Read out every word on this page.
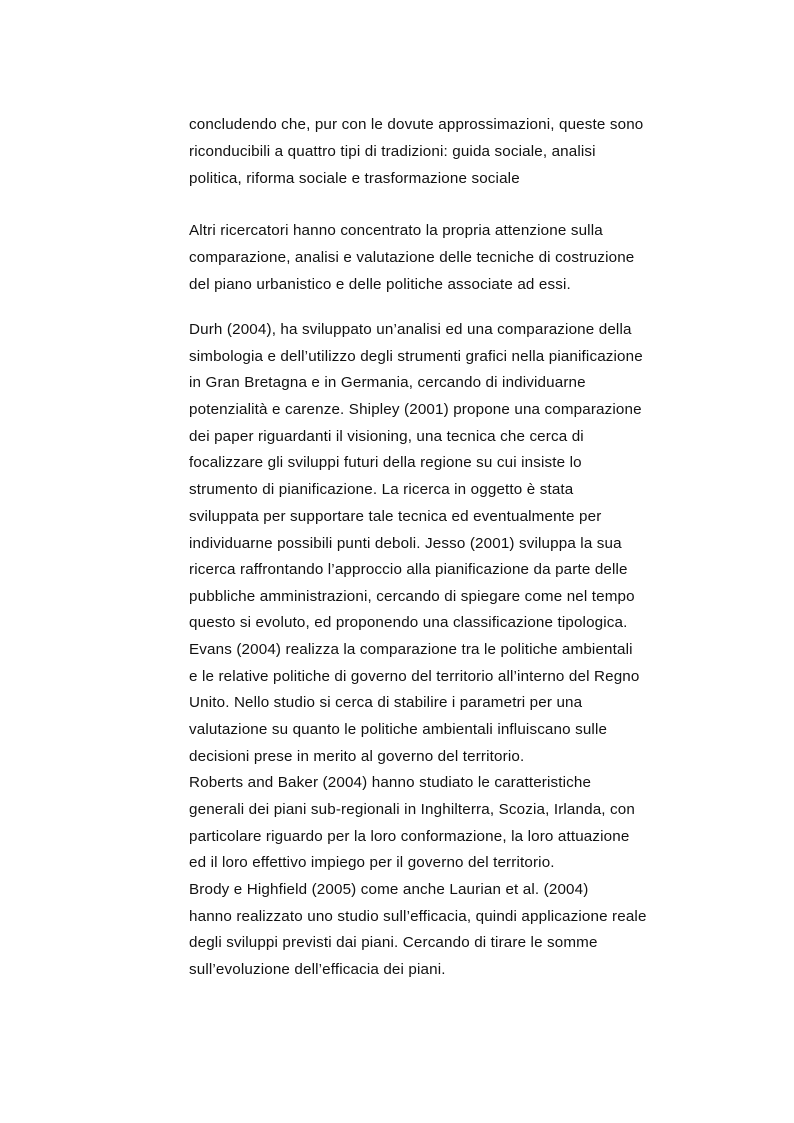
concludendo che, pur con le dovute approssimazioni, queste sono
riconducibili a quattro tipi di tradizioni: guida sociale, analisi
politica, riforma sociale e trasformazione sociale
Altri ricercatori hanno concentrato la propria attenzione sulla
comparazione, analisi e valutazione delle tecniche di costruzione
del piano urbanistico e delle politiche associate ad essi.
Durh (2004), ha sviluppato un’analisi ed una comparazione della
simbologia e dell’utilizzo degli strumenti grafici nella pianificazione
in Gran Bretagna e in Germania, cercando di individuarne
potenzialità e carenze. Shipley (2001) propone una comparazione
dei paper riguardanti il visioning, una tecnica che cerca di
focalizzare gli sviluppi futuri della regione su cui insiste lo
strumento di pianificazione. La ricerca in oggetto è stata
sviluppata per supportare tale tecnica ed eventualmente per
individuarne possibili punti deboli. Jesso (2001) sviluppa la sua
ricerca raffrontando l’approccio alla pianificazione da parte delle
pubbliche amministrazioni, cercando di spiegare come nel tempo
questo si evoluto, ed proponendo una classificazione tipologica.
Evans (2004) realizza la comparazione tra le politiche ambientali
e le relative politiche di governo del territorio all’interno del Regno
Unito. Nello studio si cerca di stabilire i parametri per una
valutazione su quanto le politiche ambientali influiscano sulle
decisioni prese in merito al governo del territorio.
Roberts and Baker (2004) hanno studiato le caratteristiche
generali dei piani sub-regionali in Inghilterra, Scozia, Irlanda, con
particolare riguardo per la loro conformazione, la loro attuazione
ed il loro effettivo impiego per il governo del territorio.
Brody e Highfield (2005) come anche Laurian et al. (2004)
hanno realizzato uno studio sull’efficacia, quindi applicazione reale
degli sviluppi previsti dai piani. Cercando di tirare le somme
sull’evoluzione dell’efficacia dei piani.
